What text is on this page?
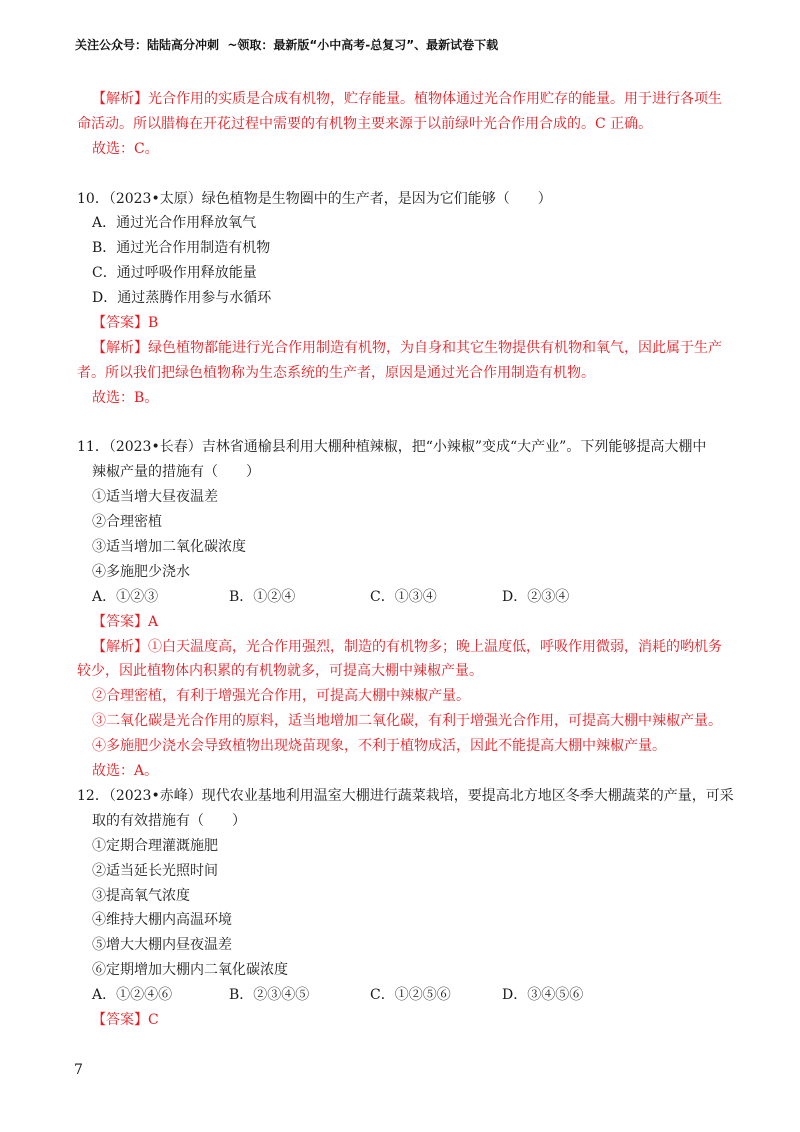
关注公众号：陆陆高分冲刺  ~领取：最新版“小中高考-总复习”、最新试卷下载
【解析】光合作用的实质是合成有机物，贮存能量。植物体通过光合作用贮存的能量。用于进行各项生
命活动。所以腊梅在开花过程中需要的有机物主要来源于以前绿叶光合作用合成的。C 正确。
故选：C。

10．（2023•太原）绿色植物是生物圈中的生产者，是因为它们能够（　　）
A．通过光合作用释放氧气
B．通过光合作用制造有机物
C．通过呼吸作用释放能量
D．通过蒸腾作用参与水循环
【答案】B
【解析】绿色植物都能进行光合作用制造有机物，为自身和其它生物提供有机物和氧气，因此属于生产
者。所以我们把绿色植物称为生态系统的生产者，原因是通过光合作用制造有机物。
故选：B。

11．（2023•长春）吉林省通榆县利用大棚种植辣椒，把“小辣椒”变成“大产业”。下列能够提高大棚中
辣椒产量的措施有（　　）
①适当增大昼夜温差
②合理密植
③适当增加二氧化碳浓度
④多施肥少浇水

A．①②③

	B．①②④

	C．①③④

	D．②③④

【答案】A
【解析】①白天温度高，光合作用强烈，制造的有机物多；晚上温度低，呼吸作用微弱，消耗的哟机务
较少，因此植物体内积累的有机物就多，可提高大棚中辣椒产量。
②合理密植，有利于增强光合作用，可提高大棚中辣椒产量。
③二氧化碳是光合作用的原料，适当地增加二氧化碳，有利于增强光合作用，可提高大棚中辣椒产量。
④多施肥少浇水会导致植物出现烧苗现象，不利于植物成活，因此不能提高大棚中辣椒产量。
故选：A。
12．（2023•赤峰）现代农业基地利用温室大棚进行蔬菜栽培，要提高北方地区冬季大棚蔬菜的产量，可采
取的有效措施有（　　）
①定期合理灌溉施肥
②适当延长光照时间
③提高氧气浓度
④维持大棚内高温环境
⑤增大大棚内昼夜温差
⑥定期增加大棚内二氧化碳浓度

A．①②④⑥

	B．②③④⑤

	C．①②⑤⑥

	D．③④⑤⑥

【答案】C
7
